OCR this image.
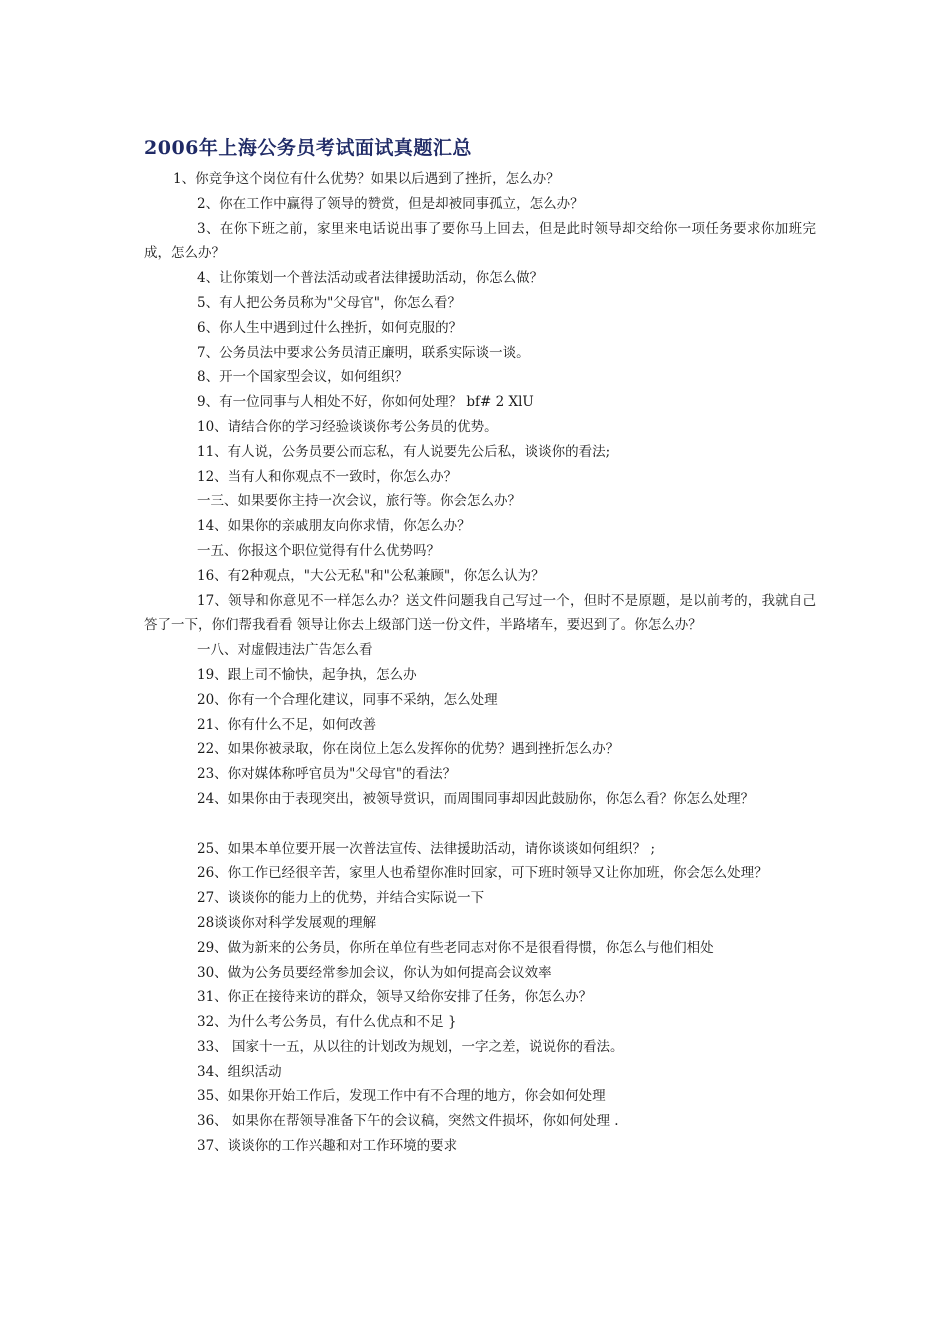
2006年上海公务员考试面试真题汇总

1、你竞争这个岗位有什么优势？如果以后遇到了挫折，怎么办？

2、你在工作中赢得了领导的赞赏，但是却被同事孤立，怎么办？

3、在你下班之前，家里来电话说出事了要你马上回去，但是此时领导却交给你一项任务要求你加班完成，怎么办？

4、让你策划一个普法活动或者法律援助活动，你怎么做？

5、有人把公务员称为"父母官"，你怎么看？

6、你人生中遇到过什么挫折，如何克服的？

7、公务员法中要求公务员清正廉明，联系实际谈一谈。

8、开一个国家型会议，如何组织？

9、有一位同事与人相处不好，你如何处理？ bf# 2 XlU

10、请结合你的学习经验谈谈你考公务员的优势。

11、有人说，公务员要公而忘私，有人说要先公后私，谈谈你的看法;

12、当有人和你观点不一致时，你怎么办？

一三、如果要你主持一次会议，旅行等。你会怎么办？

14、如果你的亲戚朋友向你求情，你怎么办？

一五、你报这个职位觉得有什么优势吗？

16、有2种观点，"大公无私"和"公私兼顾"，你怎么认为？

17、领导和你意见不一样怎么办？送文件问题我自己写过一个，但时不是原题，是以前考的，我就自己答了一下，你们帮我看看 领导让你去上级部门送一份文件，半路堵车，要迟到了。你怎么办？

一八、对虚假违法广告怎么看

19、跟上司不愉快，起争执，怎么办

20、你有一个合理化建议，同事不采纳，怎么处理

21、你有什么不足，如何改善

22、如果你被录取，你在岗位上怎么发挥你的优势？遇到挫折怎么办？

23、你对媒体称呼官员为"父母官"的看法？

24、如果你由于表现突出，被领导赏识，而周围同事却因此鼓励你，你怎么看？你怎么处理？

25、如果本单位要开展一次普法宣传、法律援助活动，请你谈谈如何组织？ ;

26、你工作已经很辛苦，家里人也希望你准时回家，可下班时领导又让你加班，你会怎么处理？

27、谈谈你的能力上的优势，并结合实际说一下

28谈谈你对科学发展观的理解

29、做为新来的公务员，你所在单位有些老同志对你不是很看得惯，你怎么与他们相处

30、做为公务员要经常参加会议，你认为如何提高会议效率

31、你正在接待来访的群众，领导又给你安排了任务，你怎么办？

32、为什么考公务员，有什么优点和不足 }

33、 国家十一五，从以往的计划改为规划，一字之差，说说你的看法。

34、组织活动

35、如果你开始工作后，发现工作中有不合理的地方，你会如何处理

36、 如果你在帮领导准备下午的会议稿，突然文件损坏，你如何处理 .

37、谈谈你的工作兴趣和对工作环境的要求
